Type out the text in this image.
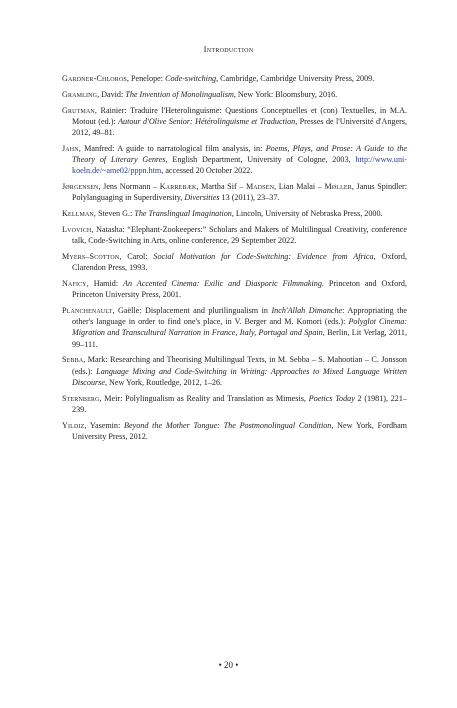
Introduction
Gardner-Chloros, Penelope: Code-switching, Cambridge, Cambridge University Press, 2009.
Gramling, David: The Invention of Monolingualism, New York: Bloomsbury, 2016.
Grutman, Rainier: Traduire l'Heterolinguisme: Questions Conceptuelles et (con) Textuelles, in M.A. Motout (ed.): Autour d'Olive Senior: Hétérolinguisme et Traduction, Presses de l'Université d'Angers, 2012, 49–81.
Jahn, Manfred: A guide to narratological film analysis, in: Poems, Plays, and Prose: A Guide to the Theory of Literary Genres, English Department, University of Cologne, 2003, http://www.uni-koeln.de/~ame02/pppn.htm, accessed 20 October 2022.
Jørgensen, Jens Normann – Karrebæk, Martha Sif – Madsen, Lian Malai – Møller, Janus Spindler: Polylanguaging in Superdiversity, Diversities 13 (2011), 23–37.
Kellman, Steven G.: The Translingual Imagination, Lincoln, University of Nebraska Press, 2000.
Lvovich, Natasha: “Elephant-Zookeepers:” Scholars and Makers of Multilingual Creativity, conference talk, Code-Switching in Arts, online conference, 29 September 2022.
Myers–Scotton, Carol: Social Motivation for Code-Switching: Evidence from Africa, Oxford, Clarendon Press, 1993.
Naficy, Hamid: An Accented Cinema: Exilic and Diasporic Filmmaking. Princeton and Oxford, Princeton University Press, 2001.
Planchenault, Gaëlle: Displacement and plurilingualism in Inch'Allah Dimanche: Appropriating the other's language in order to find one's place, in V. Berger and M. Komori (eds.): Polyglot Cinema: Migration and Transcultural Narration in France, Italy, Portugal and Spain, Berlin, Lit Verlag, 2011, 99–111.
Sebba, Mark: Researching and Theorising Multilingual Texts, in M. Sebba – S. Mahootian – C. Jonsson (eds.): Language Mixing and Code-Switching in Writing: Approaches to Mixed Language Written Discourse, New York, Routledge, 2012, 1–26.
Sternberg, Meir: Polylingualism as Reality and Translation as Mimesis, Poetics Today 2 (1981), 221–239.
Yildiz, Yasemin: Beyond the Mother Tongue: The Postmonolingual Condition, New York, Fordham University Press, 2012.
• 20 •
